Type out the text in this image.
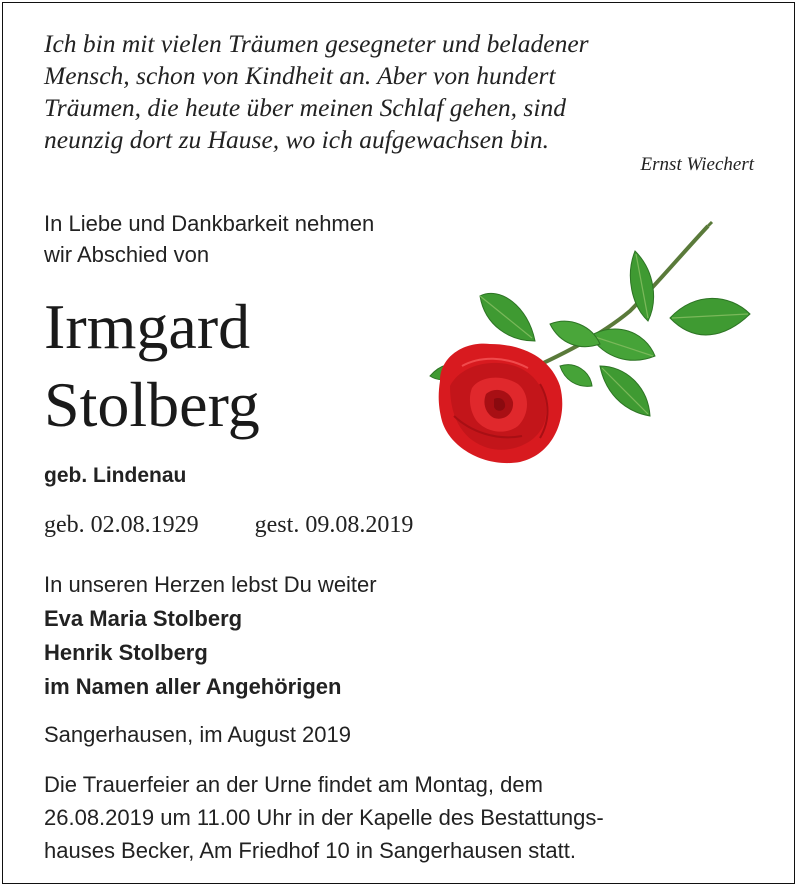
Ich bin mit vielen Träumen gesegneter und beladener
Mensch, schon von Kindheit an. Aber von hundert
Träumen, die heute über meinen Schlaf gehen, sind
neunzig dort zu Hause, wo ich aufgewachsen bin.
Ernst Wiechert
In Liebe und Dankbarkeit nehmen
wir Abschied von
Irmgard
Stolberg
geb. Lindenau
geb. 02.08.1929 gest. 09.08.2019
In unseren Herzen lebst Du weiter
Eva Maria Stolberg
Henrik Stolberg
im Namen aller Angehörigen
Sangerhausen, im August 2019
Die Trauerfeier an der Urne findet am Montag, dem
26.08.2019 um 11.00 Uhr in der Kapelle des Bestattungs-
hauses Becker, Am Friedhof 10 in Sangerhausen statt.
